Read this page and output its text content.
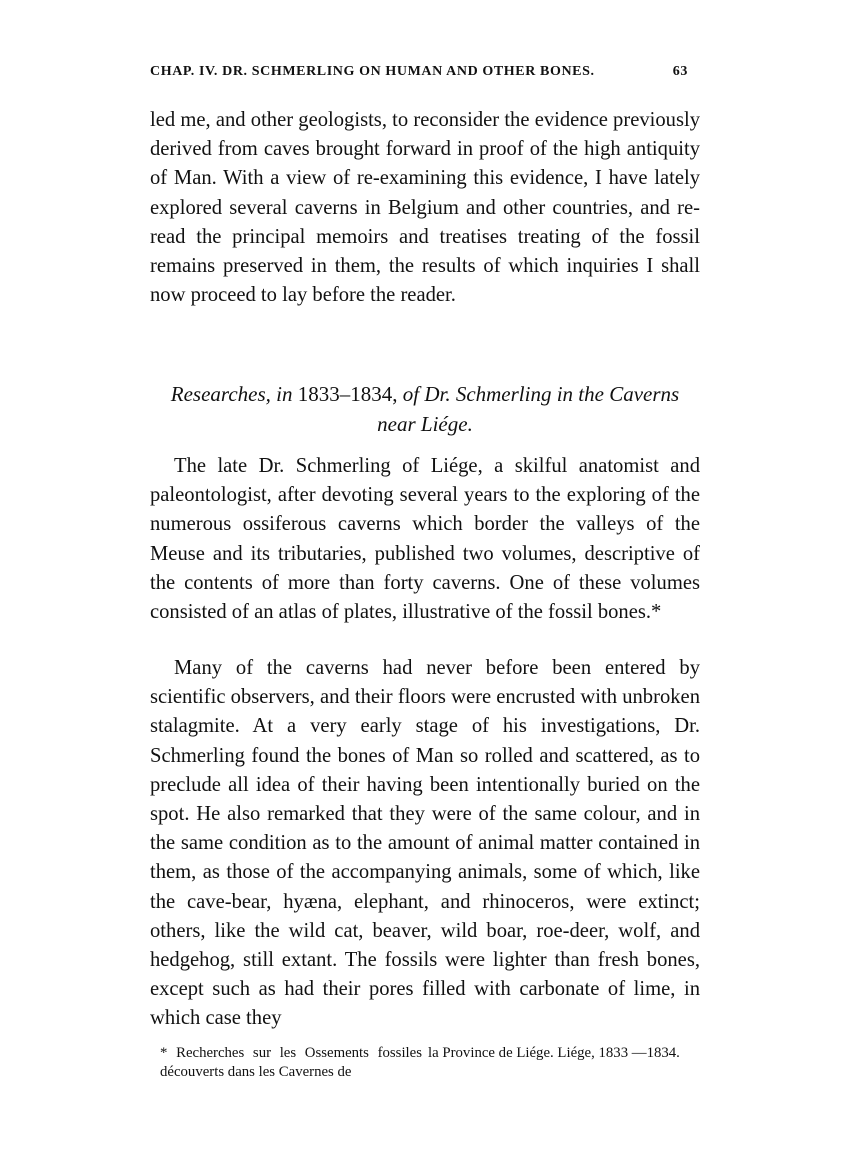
CHAP. IV. DR. SCHMERLING ON HUMAN AND OTHER BONES.	63

led me, and other geologists, to reconsider the evidence previously derived from caves brought forward in proof of the high antiquity of Man. With a view of re-examining this evidence, I have lately explored several caverns in Belgium and other countries, and re-read the principal memoirs and treatises treating of the fossil remains preserved in them, the results of which inquiries I shall now proceed to lay before the reader.

Researches, in 1833–1834, of Dr. Schmerling in the Caverns
near Liége.

The late Dr. Schmerling of Liége, a skilful anatomist and paleontologist, after devoting several years to the exploring of the numerous ossiferous caverns which border the valleys of the Meuse and its tributaries, published two volumes, descriptive of the contents of more than forty caverns. One of these volumes consisted of an atlas of plates, illustrative of the fossil bones.*

Many of the caverns had never before been entered by scientific observers, and their floors were encrusted with unbroken stalagmite. At a very early stage of his investigations, Dr. Schmerling found the bones of Man so rolled and scattered, as to preclude all idea of their having been intentionally buried on the spot. He also remarked that they were of the same colour, and in the same condition as to the amount of animal matter contained in them, as those of the accompanying animals, some of which, like the cave-bear, hyæna, elephant, and rhinoceros, were extinct; others, like the wild cat, beaver, wild boar, roe-deer, wolf, and hedgehog, still extant. The fossils were lighter than fresh bones, except such as had their pores filled with carbonate of lime, in which case they

* Recherches sur les Ossements fossiles découverts dans les Cavernes de
la Province de Liége. Liége, 1833 —1834.
